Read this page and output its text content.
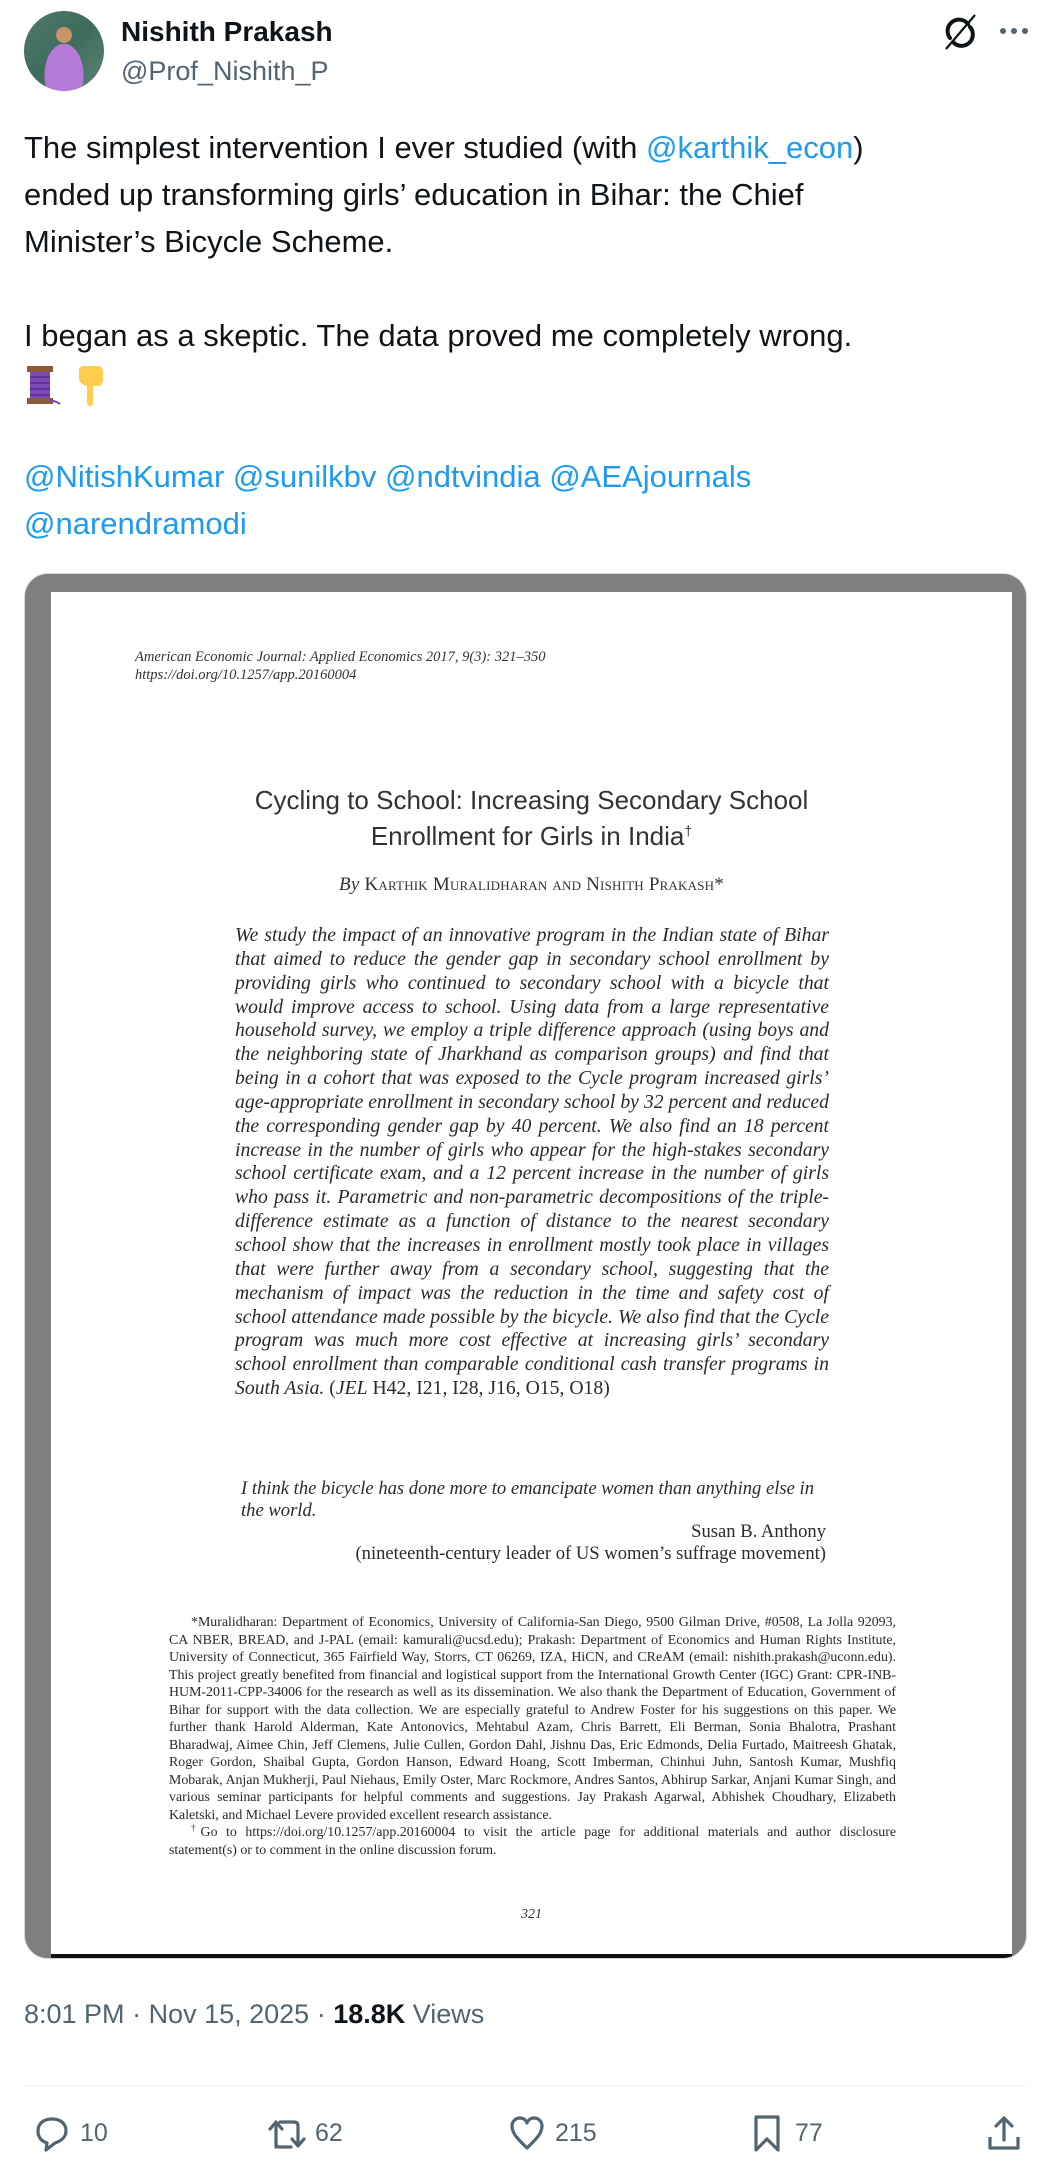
Nishith Prakash
@Prof_Nishith_P

The simplest intervention I ever studied (with @karthik_econ)

ended up transforming girls’ education in Bihar: the Chief

Minister’s Bicycle Scheme.

I began as a skeptic. The data proved me completely wrong.

@NitishKumar @sunilkbv @ndtvindia @AEAjournals

@narendramodi

American Economic Journal: Applied Economics 2017, 9(3): 321–350
https://doi.org/10.1257/app.20160004
Cycling to School: Increasing Secondary School
Enrollment for Girls in India†
By Karthik Muralidharan and Nishith Prakash*
We study the impact of an innovative program in the Indian state of Bihar that aimed to reduce the gender gap in secondary school enrollment by providing girls who continued to secondary school with a bicycle that would improve access to school. Using data from a large representative household survey, we employ a triple difference approach (using boys and the neighboring state of Jharkhand as comparison groups) and find that being in a cohort that was exposed to the Cycle program increased girls’ age-appropriate enrollment in secondary school by 32 percent and reduced the corresponding gender gap by 40 percent. We also find an 18 percent increase in the number of girls who appear for the high-stakes secondary school certificate exam, and a 12 percent increase in the number of girls who pass it. Parametric and non-parametric decompositions of the triple-difference estimate as a function of distance to the nearest secondary school show that the increases in enrollment mostly took place in villages that were further away from a secondary school, suggesting that the mechanism of impact was the reduction in the time and safety cost of school attendance made possible by the bicycle. We also find that the Cycle program was much more cost effective at increasing girls’ secondary school enrollment than comparable conditional cash transfer programs in South Asia. (JEL H42, I21, I28, J16, O15, O18)
I think the bicycle has done more to emancipate women than anything else in the world.
Susan B. Anthony
(nineteenth-century leader of US women’s suffrage movement)

*Muralidharan: Department of Economics, University of California-San Diego, 9500 Gilman Drive, #0508, La Jolla 92093, CA NBER, BREAD, and J-PAL (email: kamurali@ucsd.edu); Prakash: Department of Economics and Human Rights Institute, University of Connecticut, 365 Fairfield Way, Storrs, CT 06269, IZA, HiCN, and CReAM (email: nishith.prakash@uconn.edu). This project greatly benefited from financial and logistical support from the International Growth Center (IGC) Grant: CPR-INB-HUM-2011-CPP-34006 for the research as well as its dissemination. We also thank the Department of Education, Government of Bihar for support with the data collection. We are especially grateful to Andrew Foster for his suggestions on this paper. We further thank Harold Alderman, Kate Antonovics, Mehtabul Azam, Chris Barrett, Eli Berman, Sonia Bhalotra, Prashant Bharadwaj, Aimee Chin, Jeff Clemens, Julie Cullen, Gordon Dahl, Jishnu Das, Eric Edmonds, Delia Furtado, Maitreesh Ghatak, Roger Gordon, Shaibal Gupta, Gordon Hanson, Edward Hoang, Scott Imberman, Chinhui Juhn, Santosh Kumar, Mushfiq Mobarak, Anjan Mukherji, Paul Niehaus, Emily Oster, Marc Rockmore, Andres Santos, Abhirup Sarkar, Anjani Kumar Singh, and various seminar participants for helpful comments and suggestions. Jay Prakash Agarwal, Abhishek Choudhary, Elizabeth Kaletski, and Michael Levere provided excellent research assistance.

†Go to https://doi.org/10.1257/app.20160004 to visit the article page for additional materials and author disclosure statement(s) or to comment in the online discussion forum.

321
8:01 PM · Nov 15, 2025 · 18.8K Views
10	62	215	77
